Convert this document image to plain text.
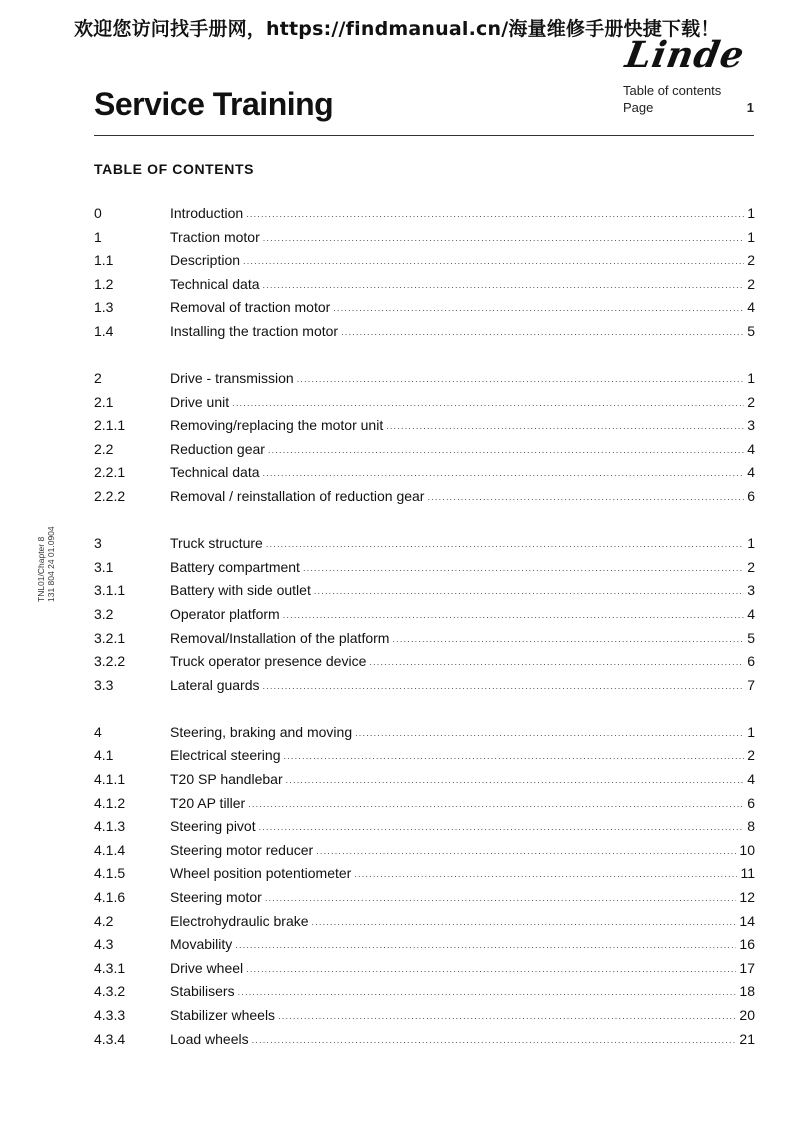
欢迎您访问找手册网，https://findmanual.cn/海量维修手册快捷下载！
Linde
Service Training	Table of contents
Page	1
TABLE OF CONTENTS
TNL01/Chapter 8 131 804 24 01.0904
0	Introduction .....	1
1	Traction motor .....	1
1.1	Description .....	2
1.2	Technical data .....	2
1.3	Removal of traction motor .....	4
1.4	Installing the traction motor .....	5
2	Drive - transmission .....	1
2.1	Drive unit .....	2
2.1.1	Removing/replacing the motor unit .....	3
2.2	Reduction gear .....	4
2.2.1	Technical data .....	4
2.2.2	Removal / reinstallation of reduction gear .....	6
3	Truck structure .....	1
3.1	Battery compartment .....	2
3.1.1	Battery with side outlet .....	3
3.2	Operator platform .....	4
3.2.1	Removal/Installation of the platform .....	5
3.2.2	Truck operator presence device .....	6
3.3	Lateral guards .....	7
4	Steering, braking and moving .....	1
4.1	Electrical steering .....	2
4.1.1	T20 SP handlebar .....	4
4.1.2	T20 AP tiller .....	6
4.1.3	Steering pivot .....	8
4.1.4	Steering motor reducer .....	10
4.1.5	Wheel position potentiometer .....	11
4.1.6	Steering motor .....	12
4.2	Electrohydraulic brake .....	14
4.3	Movability .....	16
4.3.1	Drive wheel .....	17
4.3.2	Stabilisers .....	18
4.3.3	Stabilizer wheels .....	20
4.3.4	Load wheels .....	21
